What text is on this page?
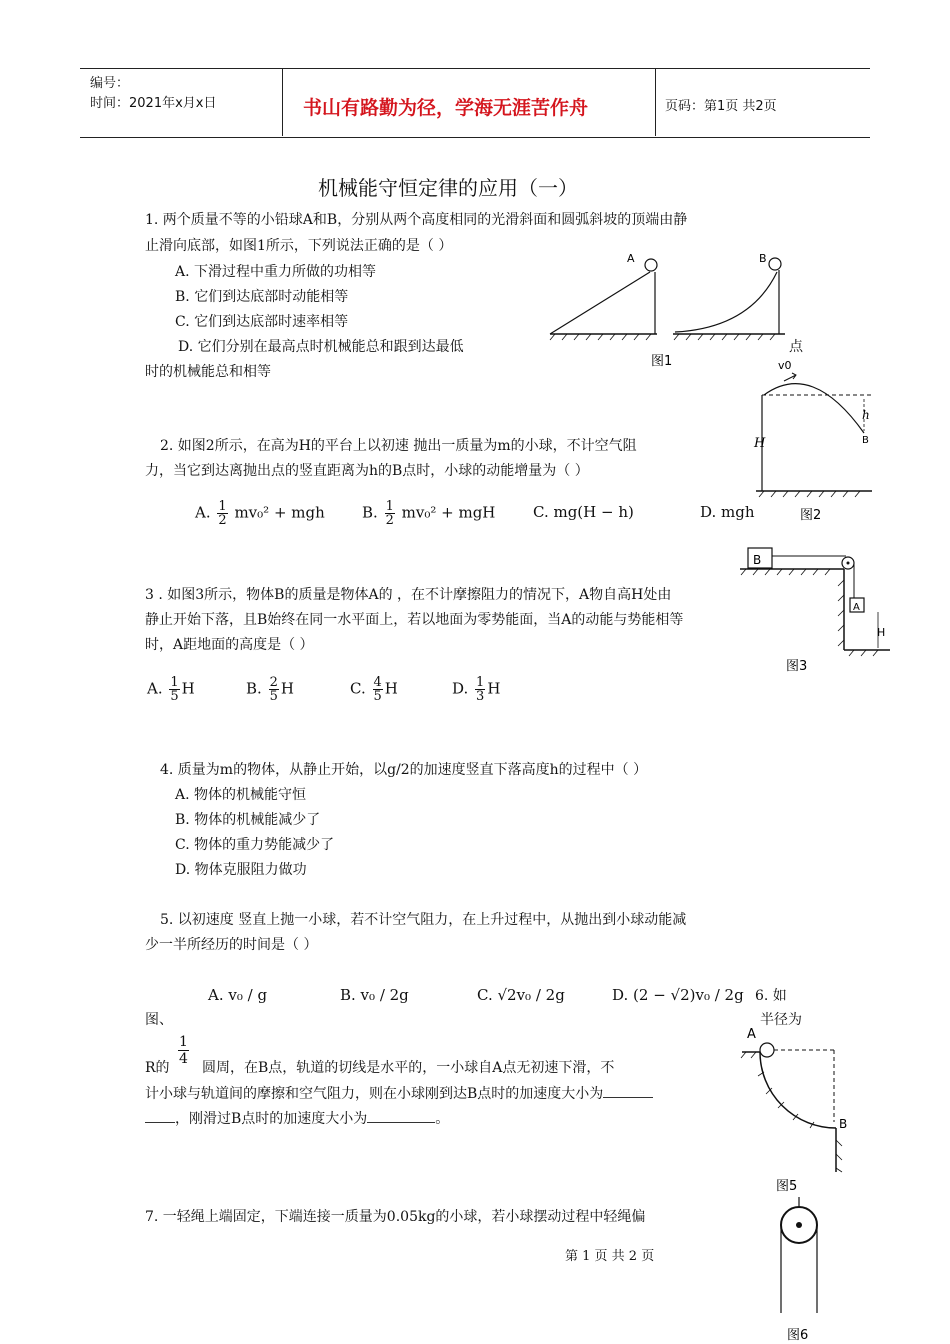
编号：
时间：2021年x月x日	书山有路勤为径，学海无涯苦作舟	页码：第1页 共2页
机械能守恒定律的应用（一）
1. 两个质量不等的小铅球A和B，分别从两个高度相同的光滑斜面和圆弧斜坡的顶端由静
止滑向底部，如图1所示，下列说法正确的是（ ）
A. 下滑过程中重力所做的功相等
B. 它们到达底部时动能相等
C. 它们到达底部时速率相等
D. 它们分别在最高点时机械能总和跟到达最低	点
时的机械能总和相等
A	B
图1	v0
h
B
H
图2
2. 如图2所示，在高为H的平台上以初速 抛出一质量为m的小球，不计空气阻
力，当它到达离抛出点的竖直距离为h的B点时，小球的动能增量为（ ）
A. $\frac{1}{2} mv_0^2$ + mgh B. $\frac{1}{2} mv_0^2$ + mgH	C. mg(H − h)	D. mgh
B
A
H
图3
3 . 如图3所示，物体B的质量是物体A的 ，在不计摩擦阻力的情况下，A物自高H处由
静止开始下落，且B始终在同一水平面上，若以地面为零势能面，当A的动能与势能相等
时，A距地面的高度是（ ）
A. $\frac{1}{5}$ H	B. $\frac{2}{5}$ H	C. $\frac{4}{5}$ H	D. $\frac{1}{3}$ H
4. 质量为m的物体，从静止开始，以g/2的加速度竖直下落高度h的过程中（ ）
A. 物体的机械能守恒
B. 物体的机械能减少了
C. 物体的重力势能减少了
D. 物体克服阻力做功
5. 以初速度 竖直上抛一小球，若不计空气阻力，在上升过程中，从抛出到小球动能减
少一半所经历的时间是（ ）
A. v₀ / g	B. v₀ / 2g	C. √2v₀ / 2g	D. (2 − √2)v₀ / 2g 6. 如
图、	半径为
R的
$\frac{1}{4}$
圆周，在B点，轨道的切线是水平的，一小球自A点无初速下滑，不
计小球与轨道间的摩擦和空气阻力，则在小球刚到达B点时的加速度大小为
，刚滑过B点时的加速度大小为	。
A
B
图5
7. 一轻绳上端固定，下端连接一质量为0.05kg的小球，若小球摆动过程中轻绳偏
图6
第 1 页 共 2 页
